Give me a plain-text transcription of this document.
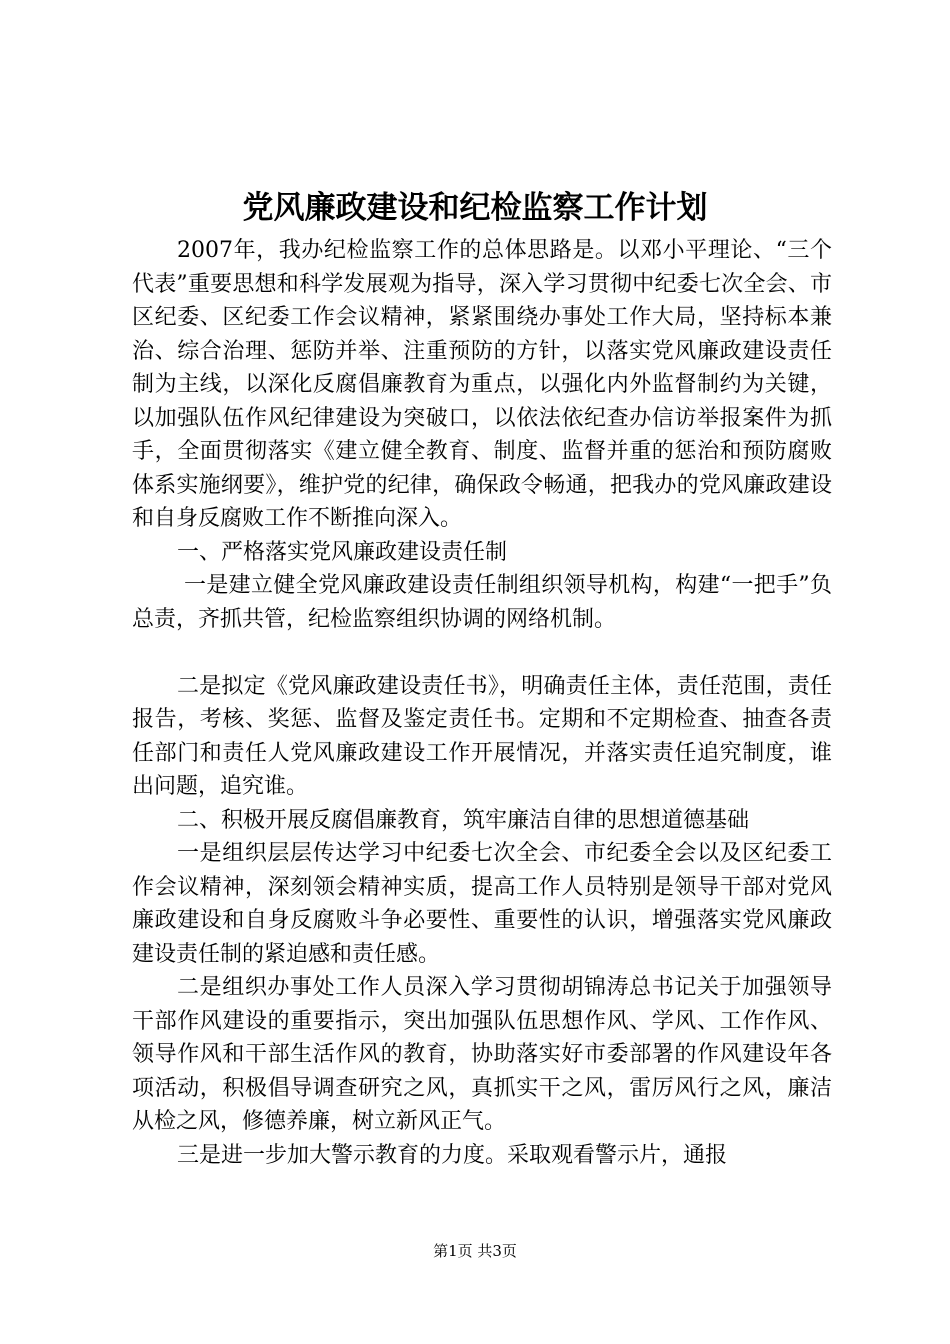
党风廉政建设和纪检监察工作计划

2007年，我办纪检监察工作的总体思路是。以邓小平理论、“三个代表”重要思想和科学发展观为指导，深入学习贯彻中纪委七次全会、市区纪委、区纪委工作会议精神，紧紧围绕办事处工作大局，坚持标本兼治、综合治理、惩防并举、注重预防的方针，以落实党风廉政建设责任制为主线，以深化反腐倡廉教育为重点，以强化内外监督制约为关键，以加强队伍作风纪律建设为突破口，以依法依纪查办信访举报案件为抓手，全面贯彻落实《建立健全教育、制度、监督并重的惩治和预防腐败体系实施纲要》，维护党的纪律，确保政令畅通，把我办的党风廉政建设和自身反腐败工作不断推向深入。

一、严格落实党风廉政建设责任制

一是建立健全党风廉政建设责任制组织领导机构，构建“一把手”负总责，齐抓共管，纪检监察组织协调的网络机制。

二是拟定《党风廉政建设责任书》，明确责任主体，责任范围，责任报告，考核、奖惩、监督及鉴定责任书。定期和不定期检查、抽查各责任部门和责任人党风廉政建设工作开展情况，并落实责任追究制度，谁出问题，追究谁。

二、积极开展反腐倡廉教育，筑牢廉洁自律的思想道德基础

一是组织层层传达学习中纪委七次全会、市纪委全会以及区纪委工作会议精神，深刻领会精神实质，提高工作人员特别是领导干部对党风廉政建设和自身反腐败斗争必要性、重要性的认识，增强落实党风廉政建设责任制的紧迫感和责任感。

二是组织办事处工作人员深入学习贯彻胡锦涛总书记关于加强领导干部作风建设的重要指示，突出加强队伍思想作风、学风、工作作风、领导作风和干部生活作风的教育，协助落实好市委部署的作风建设年各项活动，积极倡导调查研究之风，真抓实干之风，雷厉风行之风，廉洁从检之风，修德养廉，树立新风正气。

三是进一步加大警示教育的力度。采取观看警示片，通报

第1页 共3页
